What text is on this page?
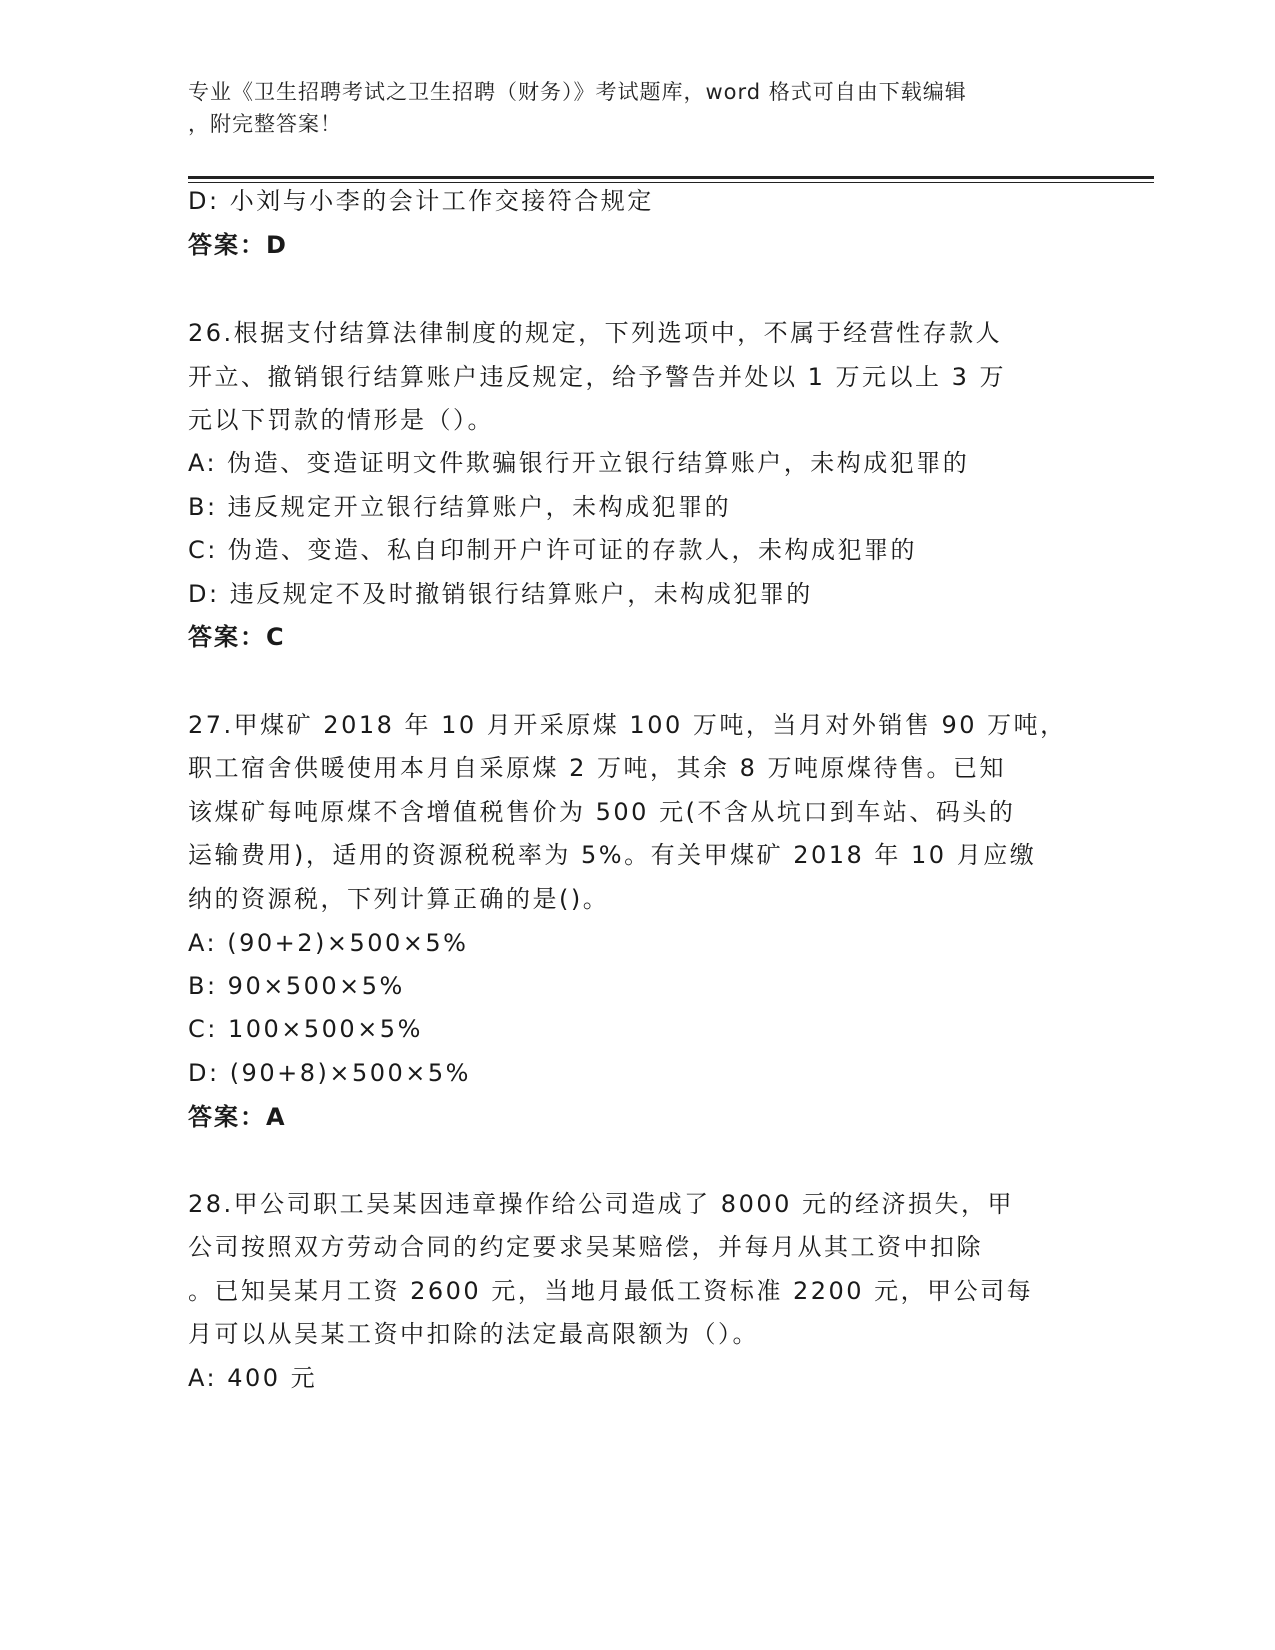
专业《卫生招聘考试之卫生招聘（财务）》考试题库，word 格式可自由下载编辑
，附完整答案！
D: 小刘与小李的会计工作交接符合规定
答案：D
26.根据支付结算法律制度的规定，下列选项中，不属于经营性存款人
开立、撤销银行结算账户违反规定，给予警告并处以 1 万元以上 3 万
元以下罚款的情形是（）。
A: 伪造、变造证明文件欺骗银行开立银行结算账户，未构成犯罪的
B: 违反规定开立银行结算账户，未构成犯罪的
C: 伪造、变造、私自印制开户许可证的存款人，未构成犯罪的
D: 违反规定不及时撤销银行结算账户，未构成犯罪的
答案：C
27.甲煤矿 2018 年 10 月开采原煤 100 万吨，当月对外销售 90 万吨，
职工宿舍供暖使用本月自采原煤 2 万吨，其余 8 万吨原煤待售。已知
该煤矿每吨原煤不含增值税售价为 500 元(不含从坑口到车站、码头的
运输费用)，适用的资源税税率为 5%。有关甲煤矿 2018 年 10 月应缴
纳的资源税，下列计算正确的是()。
A: (90+2)×500×5%
B: 90×500×5%
C: 100×500×5%
D: (90+8)×500×5%
答案：A
28.甲公司职工吴某因违章操作给公司造成了 8000 元的经济损失，甲
公司按照双方劳动合同的约定要求吴某赔偿，并每月从其工资中扣除
。已知吴某月工资 2600 元，当地月最低工资标准 2200 元，甲公司每
月可以从吴某工资中扣除的法定最高限额为（）。
A: 400 元
